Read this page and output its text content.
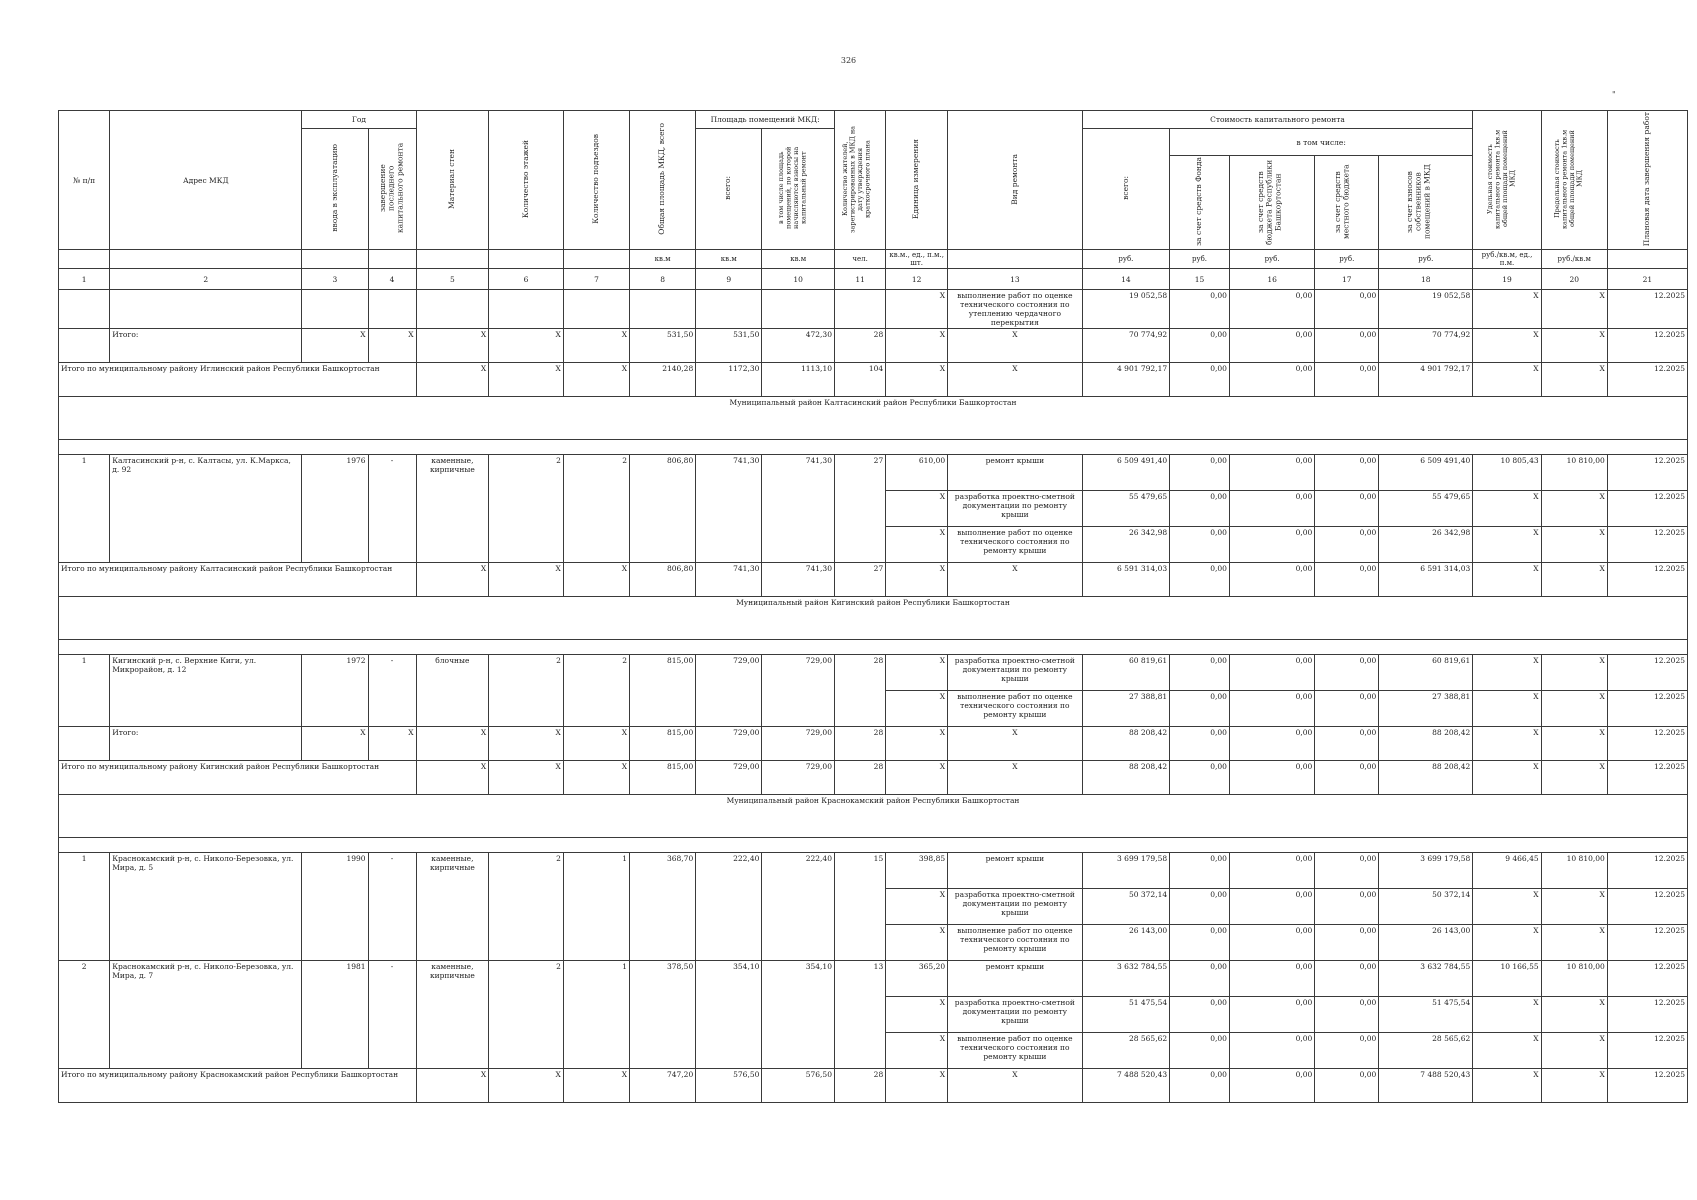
326
"
№ п/п	Адрес МКД	Год		Материал стен	Количество этажей	Количество подъездов	Общая площадь МКД, всего	Площадь помещений МКД:		Количество жителей, зарегистрированных в МКД на дату утверждения краткосрочного плана	Единица измерения	Вид ремонта	Стоимость капитального ремонта					Удельная стоимость капитального ремонта 1кв.м общей площади помещений МКД	Предельная стоимость капитального ремонта 1кв.м общей площади помещений МКД	Плановая дата завершения работ
		ввода в эксплуатацию	завершение последнего капитального ремонта					всего:	в том числе площадь помещений, по которой начисляются взносы на капитальный ремонт				всего:	в том числе:						
														за счет средств Фонда	за счет средств бюджета Республики Башкортостан	за счет средств местного бюджета	за счет взносов собственников помещений в МКД			
							кв.м	кв.м	кв.м	чел.	кв.м., ед., п.м., шт.		руб.	руб.	руб.	руб.	руб.	руб./кв.м, ед., п.м.	руб./кв.м	
1	2	3	4	5	6	7	8	9	10	11	12	13	14	15	16	17	18	19	20	21
											X	выполнение работ по оценке технического состояния по утеплению чердачного перекрытия	19 052,58	0,00	0,00	0,00	19 052,58	X	X	12.2025
	Итого:	X	X	X	X	X	531,50	531,50	472,30	28	X	X	70 774,92	0,00	0,00	0,00	70 774,92	X	X	12.2025
Итого по муниципальному району Иглинский район Республики Башкортостан				X	X	X	2140,28	1172,30	1113,10	104	X	X	4 901 792,17	0,00	0,00	0,00	4 901 792,17	X	X	12.2025
Муниципальный район Калтасинский район Республики Башкортостан																				

1	Калтасинский р-н, с. Калтасы, ул. К.Маркса, д. 92	1976	-	каменные, кирпичные	2	2	806,80	741,30	741,30	27	610,00	ремонт крыши	6 509 491,40	0,00	0,00	0,00	6 509 491,40	10 805,43	10 810,00	12.2025
											X	разработка проектно-сметной документации по ремонту крыши	55 479,65	0,00	0,00	0,00	55 479,65	X	X	12.2025
											X	выполнение работ по оценке технического состояния по ремонту крыши	26 342,98	0,00	0,00	0,00	26 342,98	X	X	12.2025
Итого по муниципальному району Калтасинский район Республики Башкортостан				X	X	X	806,80	741,30	741,30	27	X	X	6 591 314,03	0,00	0,00	0,00	6 591 314,03	X	X	12.2025
Муниципальный район Кигинский район Республики Башкортостан																				

1	Кигинский р-н, с. Верхние Киги, ул. Микрорайон, д. 12	1972	-	блочные	2	2	815,00	729,00	729,00	28	X	разработка проектно-сметной документации по ремонту крыши	60 819,61	0,00	0,00	0,00	60 819,61	X	X	12.2025
											X	выполнение работ по оценке технического состояния по ремонту крыши	27 388,81	0,00	0,00	0,00	27 388,81	X	X	12.2025
	Итого:	X	X	X	X	X	815,00	729,00	729,00	28	X	X	88 208,42	0,00	0,00	0,00	88 208,42	X	X	12.2025
Итого по муниципальному району Кигинский район Республики Башкортостан				X	X	X	815,00	729,00	729,00	28	X	X	88 208,42	0,00	0,00	0,00	88 208,42	X	X	12.2025
Муниципальный район Краснокамский район Республики Башкортостан																				

1	Краснокамский р-н, с. Николо-Березовка, ул. Мира, д. 5	1990	-	каменные, кирпичные	2	1	368,70	222,40	222,40	15	398,85	ремонт крыши	3 699 179,58	0,00	0,00	0,00	3 699 179,58	9 466,45	10 810,00	12.2025
											X	разработка проектно-сметной документации по ремонту крыши	50 372,14	0,00	0,00	0,00	50 372,14	X	X	12.2025
											X	выполнение работ по оценке технического состояния по ремонту крыши	26 143,00	0,00	0,00	0,00	26 143,00	X	X	12.2025
2	Краснокамский р-н, с. Николо-Березовка, ул. Мира, д. 7	1981	-	каменные, кирпичные	2	1	378,50	354,10	354,10	13	365,20	ремонт крыши	3 632 784,55	0,00	0,00	0,00	3 632 784,55	10 166,55	10 810,00	12.2025
											X	разработка проектно-сметной документации по ремонту крыши	51 475,54	0,00	0,00	0,00	51 475,54	X	X	12.2025
											X	выполнение работ по оценке технического состояния по ремонту крыши	28 565,62	0,00	0,00	0,00	28 565,62	X	X	12.2025
Итого по муниципальному району Краснокамский район Республики Башкортостан				X	X	X	747,20	576,50	576,50	28	X	X	7 488 520,43	0,00	0,00	0,00	7 488 520,43	X	X	12.2025
